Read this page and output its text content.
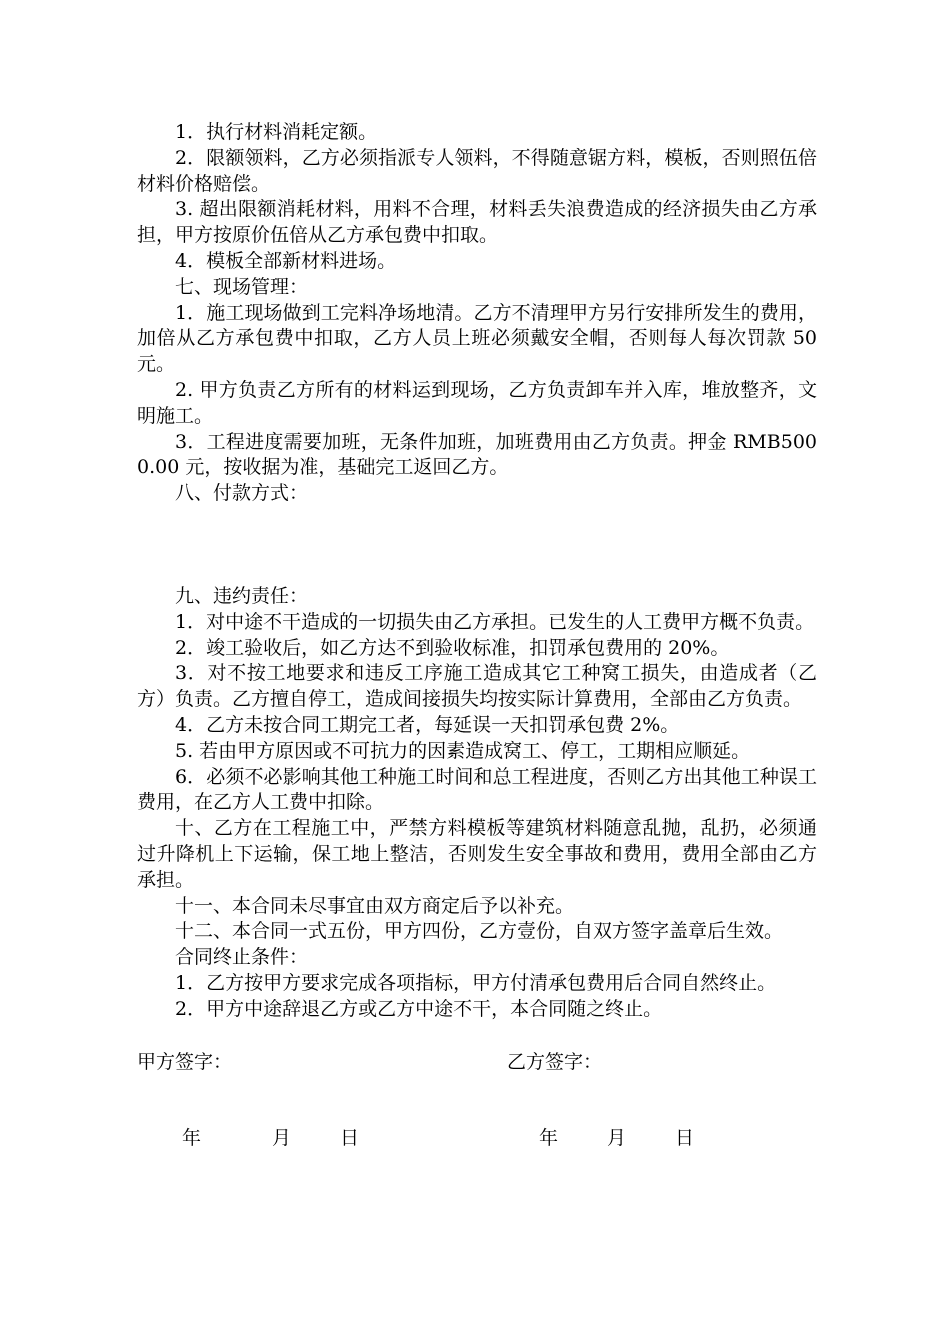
1．执行材料消耗定额。

2．限额领料，乙方必须指派专人领料，不得随意锯方料，模板，否则照伍倍材料价格赔偿。

3. 超出限额消耗材料，用料不合理，材料丢失浪费造成的经济损失由乙方承担，甲方按原价伍倍从乙方承包费中扣取。

4．模板全部新材料进场。

七、现场管理：

1．施工现场做到工完料净场地清。乙方不清理甲方另行安排所发生的费用，加倍从乙方承包费中扣取，乙方人员上班必须戴安全帽，否则每人每次罚款 50 元。

2. 甲方负责乙方所有的材料运到现场，乙方负责卸车并入库，堆放整齐，文明施工。

3．工程进度需要加班，无条件加班，加班费用由乙方负责。押金 RMB5000.00 元，按收据为准，基础完工返回乙方。

八、付款方式：

九、违约责任：

1．对中途不干造成的一切损失由乙方承担。已发生的人工费甲方概不负责。

2．竣工验收后，如乙方达不到验收标准，扣罚承包费用的 20%。

3．对不按工地要求和违反工序施工造成其它工种窝工损失，由造成者（乙方）负责。乙方擅自停工，造成间接损失均按实际计算费用，全部由乙方负责。

4．乙方未按合同工期完工者，每延误一天扣罚承包费 2%。

5. 若由甲方原因或不可抗力的因素造成窝工、停工，工期相应顺延。

6．必须不必影响其他工种施工时间和总工程进度，否则乙方出其他工种误工费用，在乙方人工费中扣除。

十、乙方在工程施工中，严禁方料模板等建筑材料随意乱抛，乱扔，必须通过升降机上下运输，保工地上整洁，否则发生安全事故和费用，费用全部由乙方承担。

十一、本合同未尽事宜由双方商定后予以补充。

十二、本合同一式五份，甲方四份，乙方壹份，自双方签字盖章后生效。

合同终止条件：

1．乙方按甲方要求完成各项指标，甲方付清承包费用后合同自然终止。

2．甲方中途辞退乙方或乙方中途不干，本合同随之终止。

甲方签字：	乙方签字：
年	月	日	年	月	日
